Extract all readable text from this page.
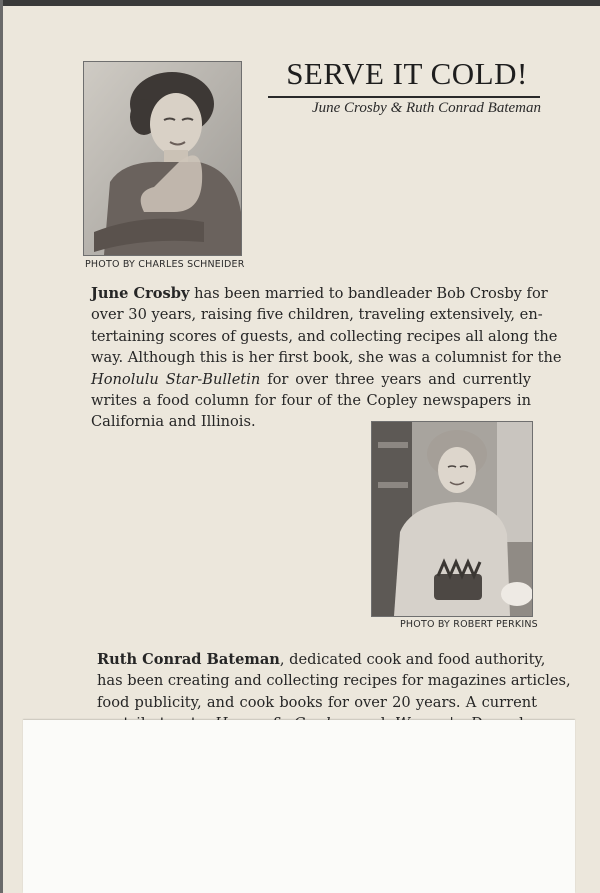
SERVE IT COLD!
June Crosby & Ruth Conrad Bateman
PHOTO BY CHARLES SCHNEIDER

June Crosby has been married to bandleader Bob Crosby for
over 30 years, raising five children, traveling extensively, en-
tertaining scores of guests, and collecting recipes all along the
way. Although this is her first book, she was a columnist for the
Honolulu Star-Bulletin for over three years and currently
writes a food column for four of the Copley newspapers in
California and Illinois.

PHOTO BY ROBERT PERKINS

Ruth Conrad Bateman, dedicated cook and food authority,
has been creating and collecting recipes for magazines articles,
food publicity, and cook books for over 20 years. A current
